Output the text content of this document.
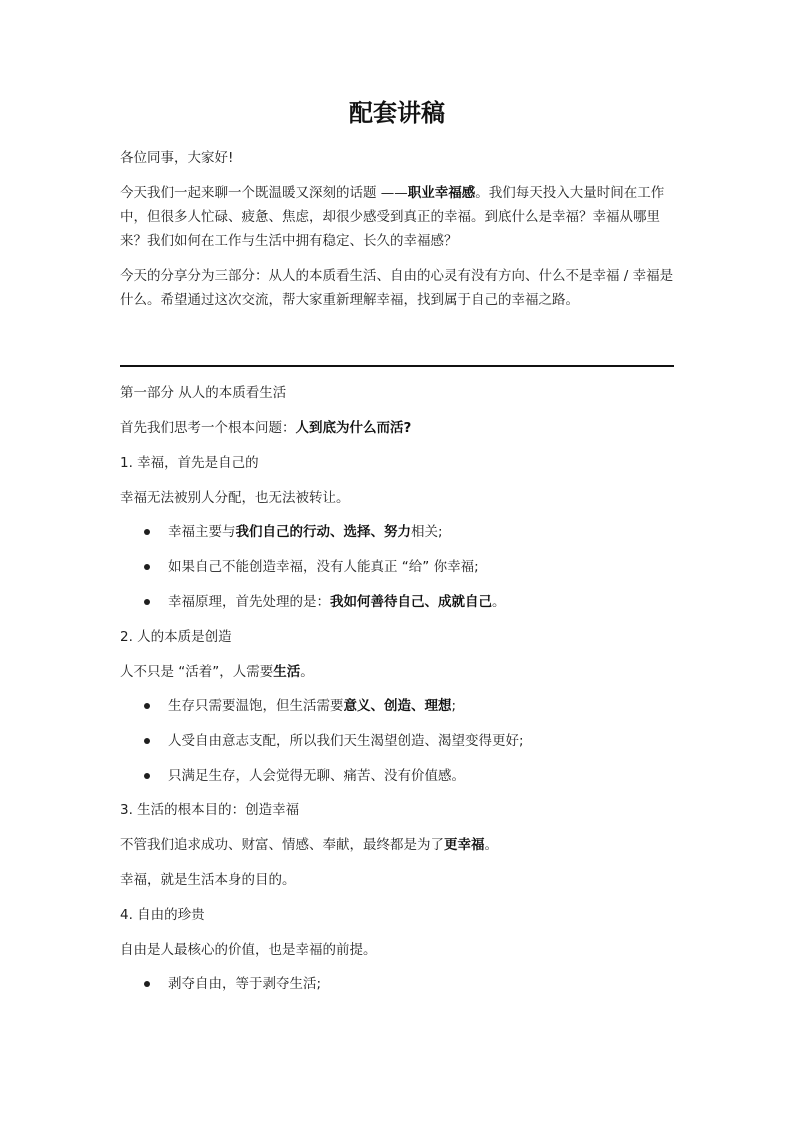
配套讲稿

各位同事，大家好!

今天我们一起来聊一个既温暖又深刻的话题 ——职业幸福感。我们每天投入大量时间在工作中，但很多人忙碌、疲惫、焦虑，却很少感受到真正的幸福。到底什么是幸福？幸福从哪里来？我们如何在工作与生活中拥有稳定、长久的幸福感？

今天的分享分为三部分：从人的本质看生活、自由的心灵有没有方向、什么不是幸福 / 幸福是什么。希望通过这次交流，帮大家重新理解幸福，找到属于自己的幸福之路。

第一部分 从人的本质看生活

首先我们思考一个根本问题：人到底为什么而活?

1. 幸福，首先是自己的

幸福无法被别人分配，也无法被转让。

幸福主要与我们自己的行动、选择、努力相关;
如果自己不能创造幸福，没有人能真正 “给” 你幸福;
幸福原理，首先处理的是：我如何善待自己、成就自己。

2. 人的本质是创造

人不只是 “活着”，人需要生活。

生存只需要温饱，但生活需要意义、创造、理想;
人受自由意志支配，所以我们天生渴望创造、渴望变得更好;
只满足生存，人会觉得无聊、痛苦、没有价值感。

3. 生活的根本目的：创造幸福

不管我们追求成功、财富、情感、奉献，最终都是为了更幸福。

幸福，就是生活本身的目的。

4. 自由的珍贵

自由是人最核心的价值，也是幸福的前提。

剥夺自由，等于剥夺生活;
